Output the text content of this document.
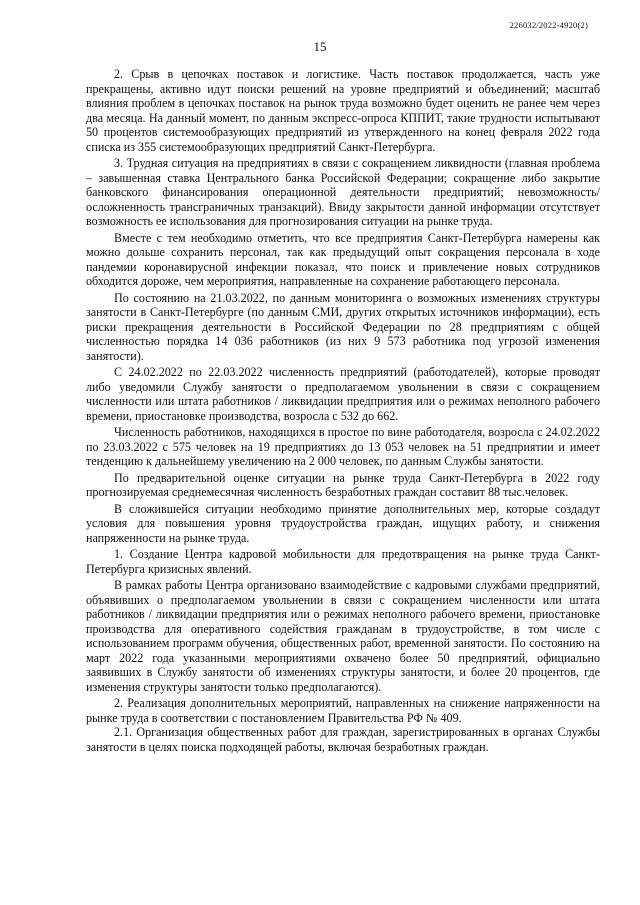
226032/2022-4920(2)
15

2. Срыв в цепочках поставок и логистике. Часть поставок продолжается, часть уже прекращены, активно идут поиски решений на уровне предприятий и объединений; масштаб влияния проблем в цепочках поставок на рынок труда возможно будет оценить не ранее чем через два месяца. На данный момент, по данным экспресс-опроса КППИТ, такие трудности испытывают 50 процентов системообразующих предприятий из утвержденного на конец февраля 2022 года списка из 355 системообразующих предприятий Санкт-Петербурга.

3. Трудная ситуация на предприятиях в связи с сокращением ликвидности (главная проблема – завышенная ставка Центрального банка Российской Федерации; сокращение либо закрытие банковского финансирования операционной деятельности предприятий; невозможность/осложненность трансграничных транзакций). Ввиду закрытости данной информации отсутствует возможность ее использования для прогнозирования ситуации на рынке труда.

Вместе с тем необходимо отметить, что все предприятия Санкт-Петербурга намерены как можно дольше сохранить персонал, так как предыдущий опыт сокращения персонала в ходе пандемии коронавирусной инфекции показал, что поиск и привлечение новых сотрудников обходится дороже, чем мероприятия, направленные на сохранение работающего персонала.

По состоянию на 21.03.2022, по данным мониторинга о возможных изменениях структуры занятости в Санкт-Петербурге (по данным СМИ, других открытых источников информации), есть риски прекращения деятельности в Российской Федерации по 28 предприятиям с общей численностью порядка 14 036 работников (из них 9 573 работника под угрозой изменения занятости).

С 24.02.2022 по 22.03.2022 численность предприятий (работодателей), которые проводят либо уведомили Службу занятости о предполагаемом увольнении в связи с сокращением численности или штата работников / ликвидации предприятия или о режимах неполного рабочего времени, приостановке производства, возросла с 532 до 662.

Численность работников, находящихся в простое по вине работодателя, возросла с 24.02.2022 по 23.03.2022 с 575 человек на 19 предприятиях до 13 053 человек на 51 предприятии и имеет тенденцию к дальнейшему увеличению на 2 000 человек, по данным Службы занятости.

По предварительной оценке ситуации на рынке труда Санкт-Петербурга в 2022 году прогнозируемая среднемесячная численность безработных граждан составит 88 тыс.человек.

В сложившейся ситуации необходимо принятие дополнительных мер, которые создадут условия для повышения уровня трудоустройства граждан, ищущих работу, и снижения напряженности на рынке труда.

1. Создание Центра кадровой мобильности для предотвращения на рынке труда Санкт-Петербурга кризисных явлений.

В рамках работы Центра организовано взаимодействие с кадровыми службами предприятий, объявивших о предполагаемом увольнении в связи с сокращением численности или штата работников / ликвидации предприятия или о режимах неполного рабочего времени, приостановке производства для оперативного содействия гражданам в трудоустройстве, в том числе с использованием программ обучения, общественных работ, временной занятости. По состоянию на март 2022 года указанными мероприятиями охвачено более 50 предприятий, официально заявивших в Службу занятости об изменениях структуры занятости, и более 20 процентов, где изменения структуры занятости только предполагаются).

2. Реализация дополнительных мероприятий, направленных на снижение напряженности на рынке труда в соответствии с постановлением Правительства РФ № 409.

2.1. Организация общественных работ для граждан, зарегистрированных в органах Службы занятости в целях поиска подходящей работы, включая безработных граждан.
